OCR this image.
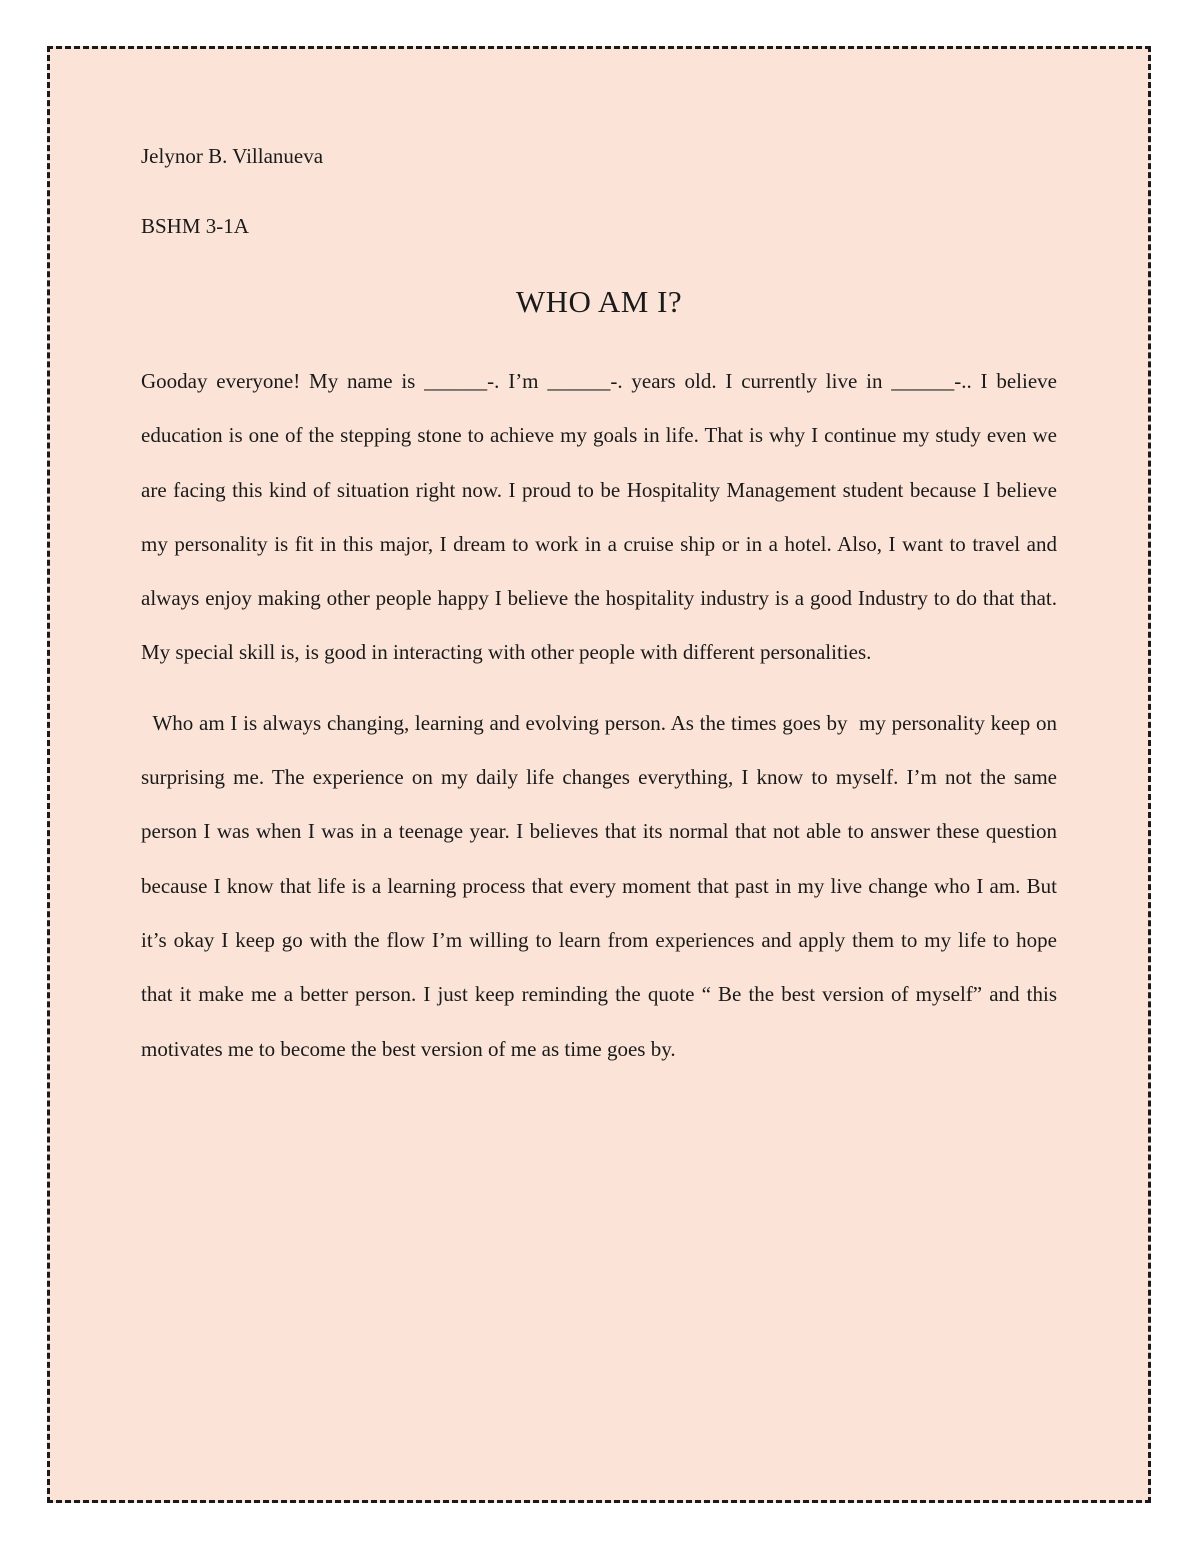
Jelynor B. Villanueva

BSHM 3-1A

WHO AM I?

Gooday everyone! My name is ______-. I’m ______-. years old. I currently live in ______-.. I believe education is one of the stepping stone to achieve my goals in life. That is why I continue my study even we are facing this kind of situation right now. I proud to be Hospitality Management student because I believe my personality is fit in this major, I dream to work in a cruise ship or in a hotel. Also, I want to travel and always enjoy making other people happy I believe the hospitality industry is a good Industry to do that that. My special skill is, is good in interacting with other people with different personalities.

Who am I is always changing, learning and evolving person. As the times goes by  my personality keep on surprising me. The experience on my daily life changes everything, I know to myself. I’m not the same person I was when I was in a teenage year. I believes that its normal that not able to answer these question because I know that life is a learning process that every moment that past in my live change who I am. But it’s okay I keep go with the flow I’m willing to learn from experiences and apply them to my life to hope that it make me a better person. I just keep reminding the quote “ Be the best version of myself” and this motivates me to become the best version of me as time goes by.
